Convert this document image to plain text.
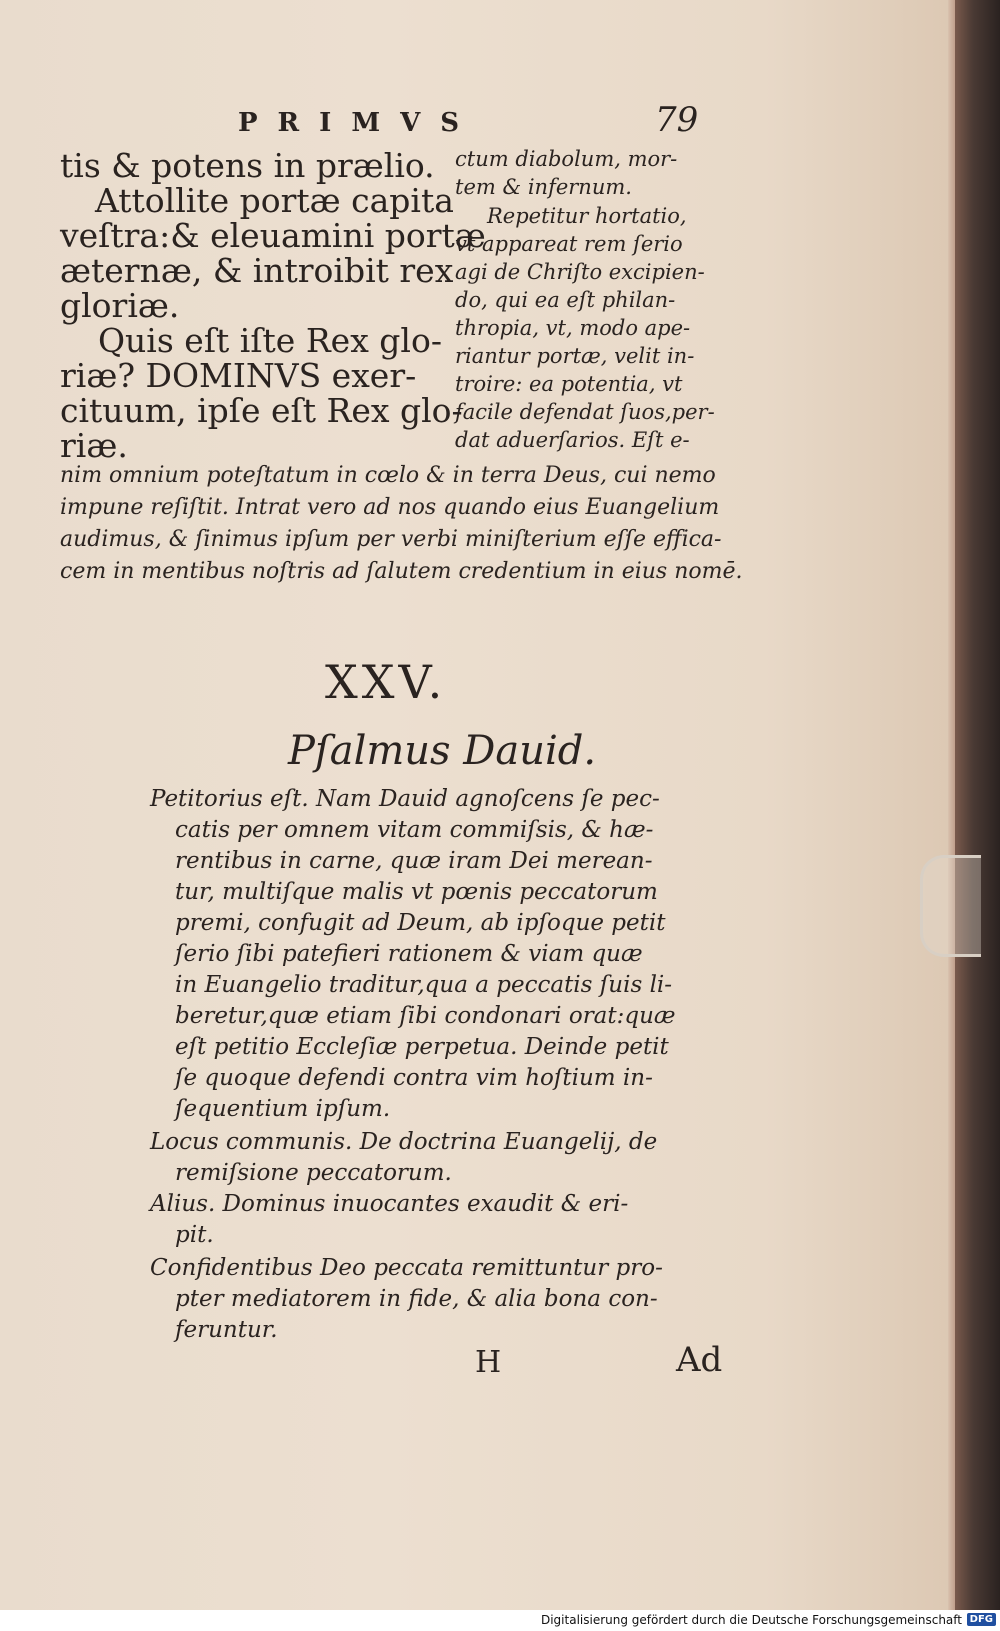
PRIMVS	79
tis & potens in prælio.
Attollite portæ capita
veſtra:& eleuamini portæ
æternæ, & introibit rex
gloriæ.
Quis eſt iſte Rex glo-
riæ? DOMINVS exer-
cituum, ipſe eſt Rex glo-
riæ.
ctum diabolum, mor-
tem & infernum.
Repetitur hortatio,
vt appareat rem ſerio
agi de Chriſto excipien-
do, qui ea eſt philan-
thropia, vt, modo ape-
riantur portæ, velit in-
troire: ea potentia, vt
facile defendat ſuos,per-
dat aduerſarios. Eſt e-
nim omnium poteſtatum in cœlo & in terra Deus, cui nemo
impune reſiſtit. Intrat vero ad nos quando eius Euangelium
audimus, & ſinimus ipſum per verbi miniſterium eſſe effica-
cem in mentibus noſtris ad ſalutem credentium in eius nomē.
XXV.
Pſalmus Dauid.
Petitorius eſt. Nam Dauid agnoſcens ſe pec-
catis per omnem vitam commiſsis, & hæ-
rentibus in carne, quæ iram Dei merean-
tur, multiſque malis vt pœnis peccatorum
premi, confugit ad Deum, ab ipſoque petit
ſerio ſibi patefieri rationem & viam quæ
in Euangelio traditur,qua a peccatis ſuis li-
beretur,quæ etiam ſibi condonari orat:quæ
eſt petitio Eccleſiæ perpetua. Deinde petit
ſe quoque defendi contra vim hoſtium in-
ſequentium ipſum.
Locus communis. De doctrina Euangelij, de
remiſsione peccatorum.
Alius. Dominus inuocantes exaudit & eri-
pit.
Confidentibus Deo peccata remittuntur pro-
pter mediatorem in fide, & alia bona con-
feruntur.
H	Ad
Digitalisierung gefördert durch die Deutsche Forschungsgemeinschaft DFG
